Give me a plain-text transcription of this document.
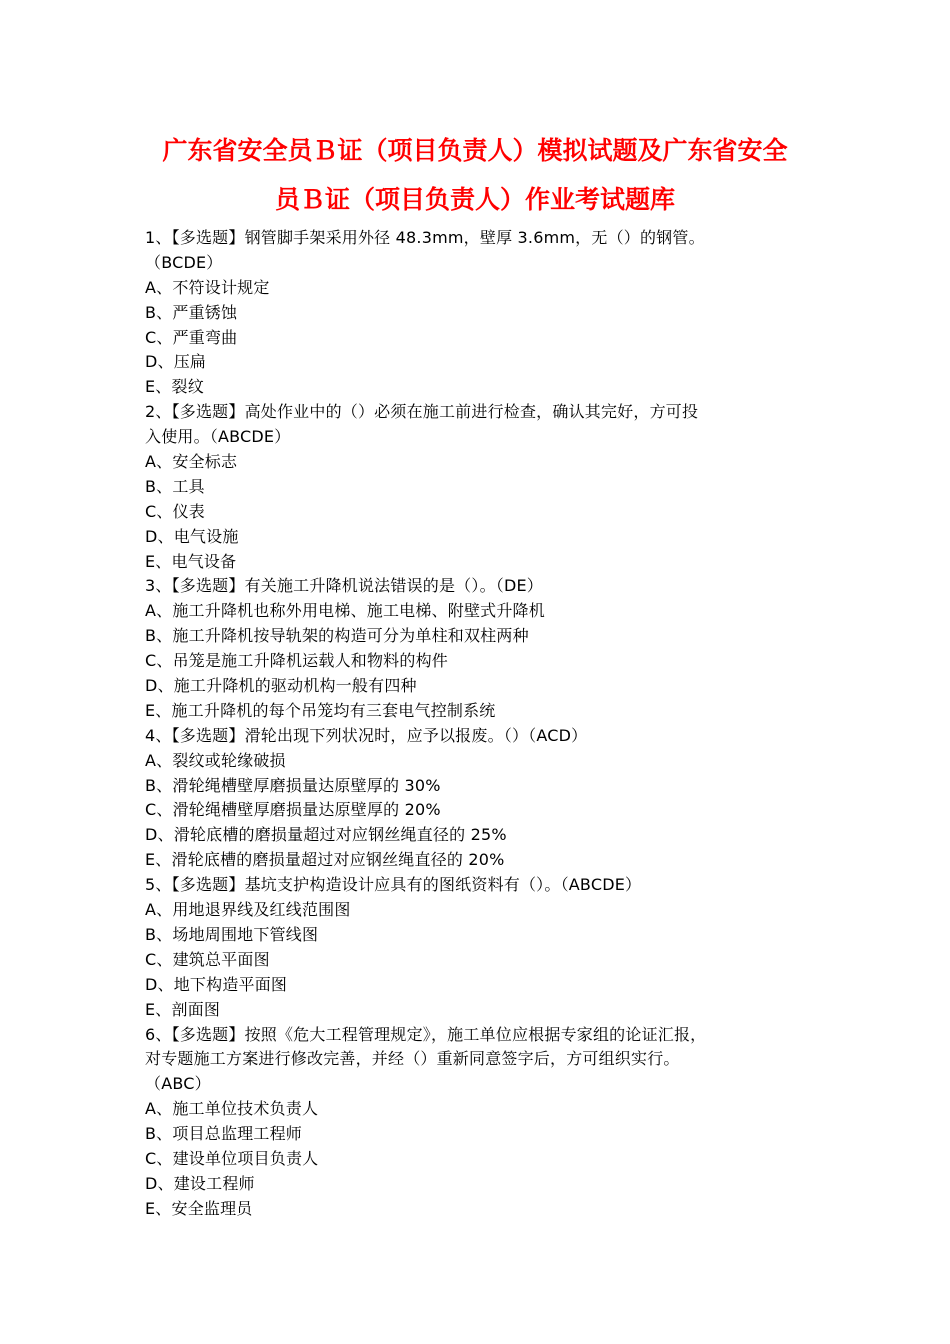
广东省安全员Ｂ证（项目负责人）模拟试题及广东省安全
员Ｂ证（项目负责人）作业考试题库
1、【多选题】钢管脚手架采用外径 48.3mm，壁厚 3.6mm，无（）的钢管。
（BCDE）
A、不符设计规定
B、严重锈蚀
C、严重弯曲
D、压扁
E、裂纹
2、【多选题】高处作业中的（）必须在施工前进行检查，确认其完好，方可投
入使用。（ABCDE）
A、安全标志
B、工具
C、仪表
D、电气设施
E、电气设备
3、【多选题】有关施工升降机说法错误的是（）。（DE）
A、施工升降机也称外用电梯、施工电梯、附壁式升降机
B、施工升降机按导轨架的构造可分为单柱和双柱两种
C、吊笼是施工升降机运载人和物料的构件
D、施工升降机的驱动机构一般有四种
E、施工升降机的每个吊笼均有三套电气控制系统
4、【多选题】滑轮出现下列状况时，应予以报废。（）（ACD）
A、裂纹或轮缘破损
B、滑轮绳槽壁厚磨损量达原壁厚的 30%
C、滑轮绳槽壁厚磨损量达原壁厚的 20%
D、滑轮底槽的磨损量超过对应钢丝绳直径的 25%
E、滑轮底槽的磨损量超过对应钢丝绳直径的 20%
5、【多选题】基坑支护构造设计应具有的图纸资料有（）。（ABCDE）
A、用地退界线及红线范围图
B、场地周围地下管线图
C、建筑总平面图
D、地下构造平面图
E、剖面图
6、【多选题】按照《危大工程管理规定》，施工单位应根据专家组的论证汇报，
对专题施工方案进行修改完善，并经（）重新同意签字后，方可组织实行。
（ABC）
A、施工单位技术负责人
B、项目总监理工程师
C、建设单位项目负责人
D、建设工程师
E、安全监理员
